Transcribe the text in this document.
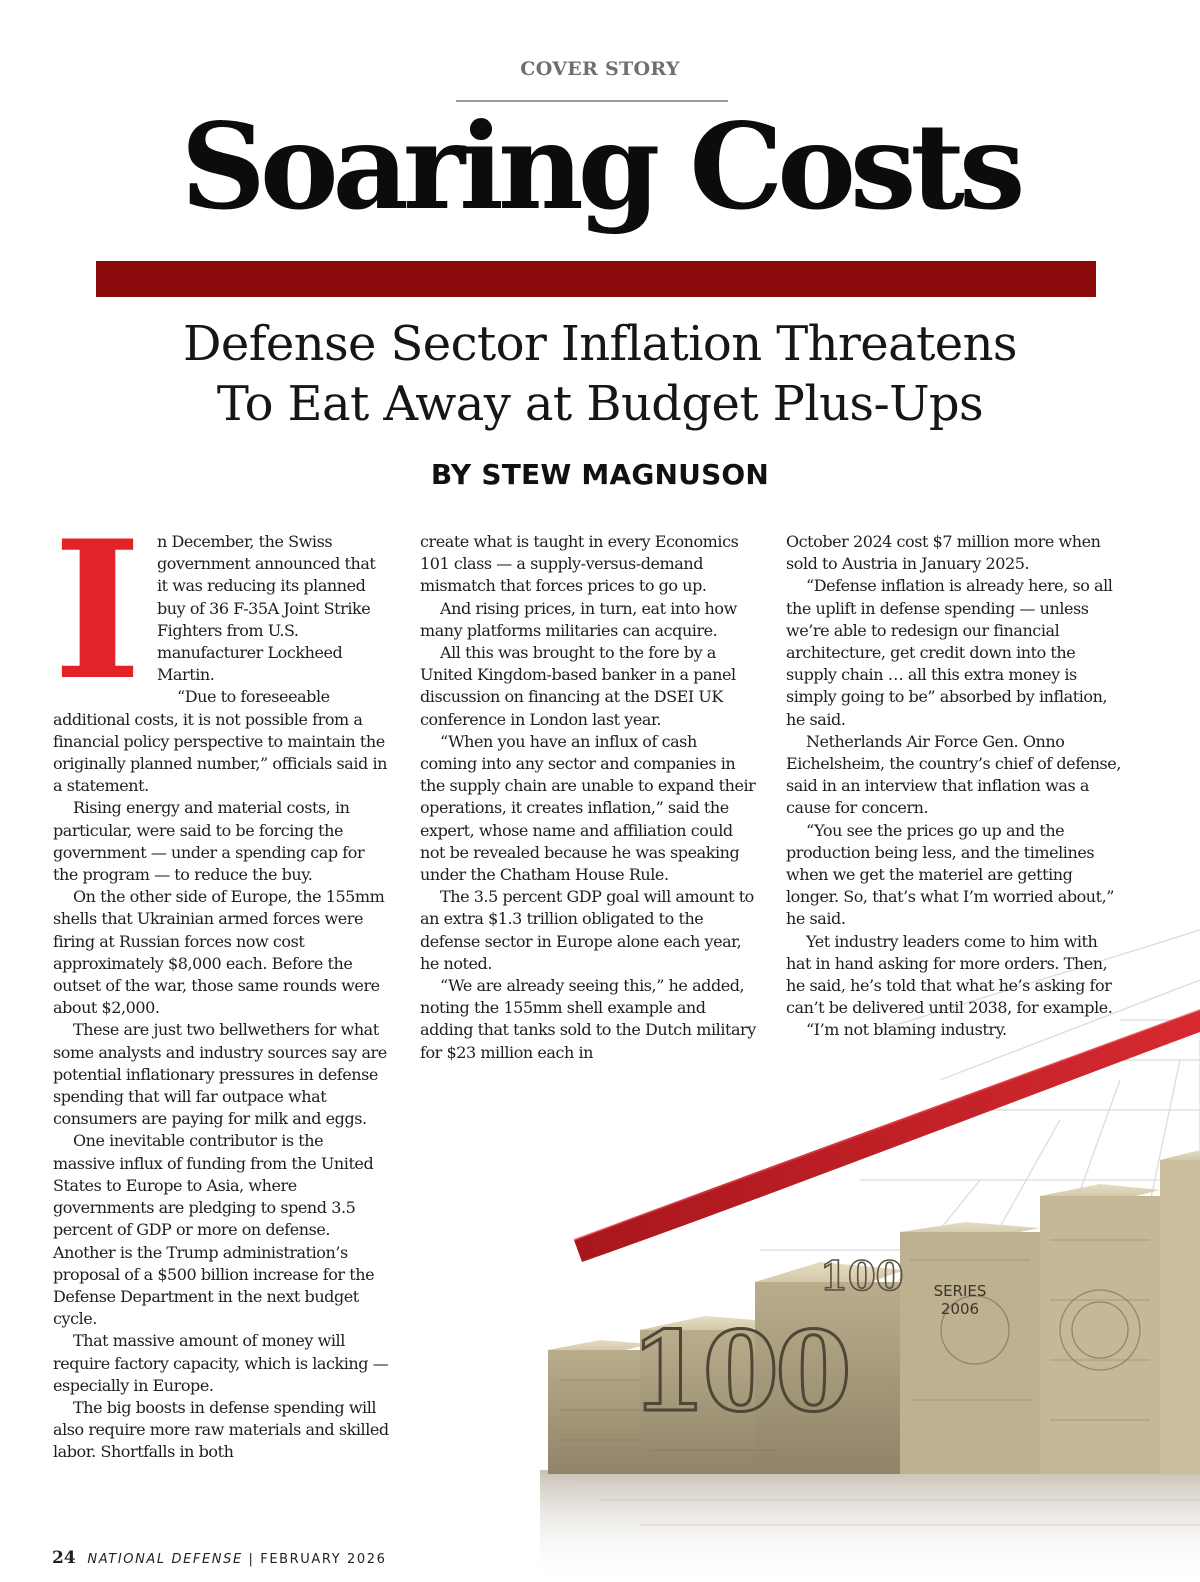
100
100 SERIES
2006
COVER STORY
Soaring Costs
Defense Sector Inflation Threatens
To Eat Away at Budget Plus-Ups
BY STEW MAGNUSON
I n December, the Swiss government announced that it was reducing its planned buy of 36 F-35A Joint Strike Fighters from U.S. manufacturer Lockheed Martin.

“Due to foreseeable additional costs, it is not possible from a financial policy perspective to maintain the originally planned number,” officials said in a statement.

Rising energy and material costs, in particular, were said to be forcing the government — under a spending cap for the program — to reduce the buy.

On the other side of Europe, the 155mm shells that Ukrainian armed forces were firing at Russian forces now cost approximately $8,000 each. Before the outset of the war, those same rounds were about $2,000.

These are just two bellwethers for what some analysts and industry sources say are potential inflationary pressures in defense spending that will far outpace what consumers are paying for milk and eggs.

One inevitable contributor is the massive influx of funding from the United States to Europe to Asia, where governments are pledging to spend 3.5 percent of GDP or more on defense. Another is the Trump administration’s proposal of a $500 billion increase for the Defense Department in the next budget cycle.

That massive amount of money will require factory capacity, which is lacking — especially in Europe.

The big boosts in defense spending will also require more raw materials and skilled labor. Shortfalls in both

create what is taught in every Economics 101 class — a supply-versus-demand mismatch that forces prices to go up.

And rising prices, in turn, eat into how many platforms militaries can acquire.

All this was brought to the fore by a United Kingdom-based banker in a panel discussion on financing at the DSEI UK conference in London last year.

“When you have an influx of cash coming into any sector and companies in the supply chain are unable to expand their operations, it creates inflation,” said the expert, whose name and affiliation could not be revealed because he was speaking under the Chatham House Rule.

The 3.5 percent GDP goal will amount to an extra $1.3 trillion obligated to the defense sector in Europe alone each year, he noted.

“We are already seeing this,” he added, noting the 155mm shell example and adding that tanks sold to the Dutch military for $23 million each in

October 2024 cost $7 million more when sold to Austria in January 2025.

“Defense inflation is already here, so all the uplift in defense spending — unless we’re able to redesign our financial architecture, get credit down into the supply chain … all this extra money is simply going to be” absorbed by inflation, he said.

Netherlands Air Force Gen. Onno Eichelsheim, the country’s chief of defense, said in an interview that inflation was a cause for concern.

“You see the prices go up and the production being less, and the timelines when we get the materiel are getting longer. So, that’s what I’m worried about,” he said.

Yet industry leaders come to him with hat in hand asking for more orders. Then, he said, he’s told that what he’s asking for can’t be delivered until 2038, for example.

“I’m not blaming industry.

24 NATIONAL DEFENSE | FEBRUARY 2026
